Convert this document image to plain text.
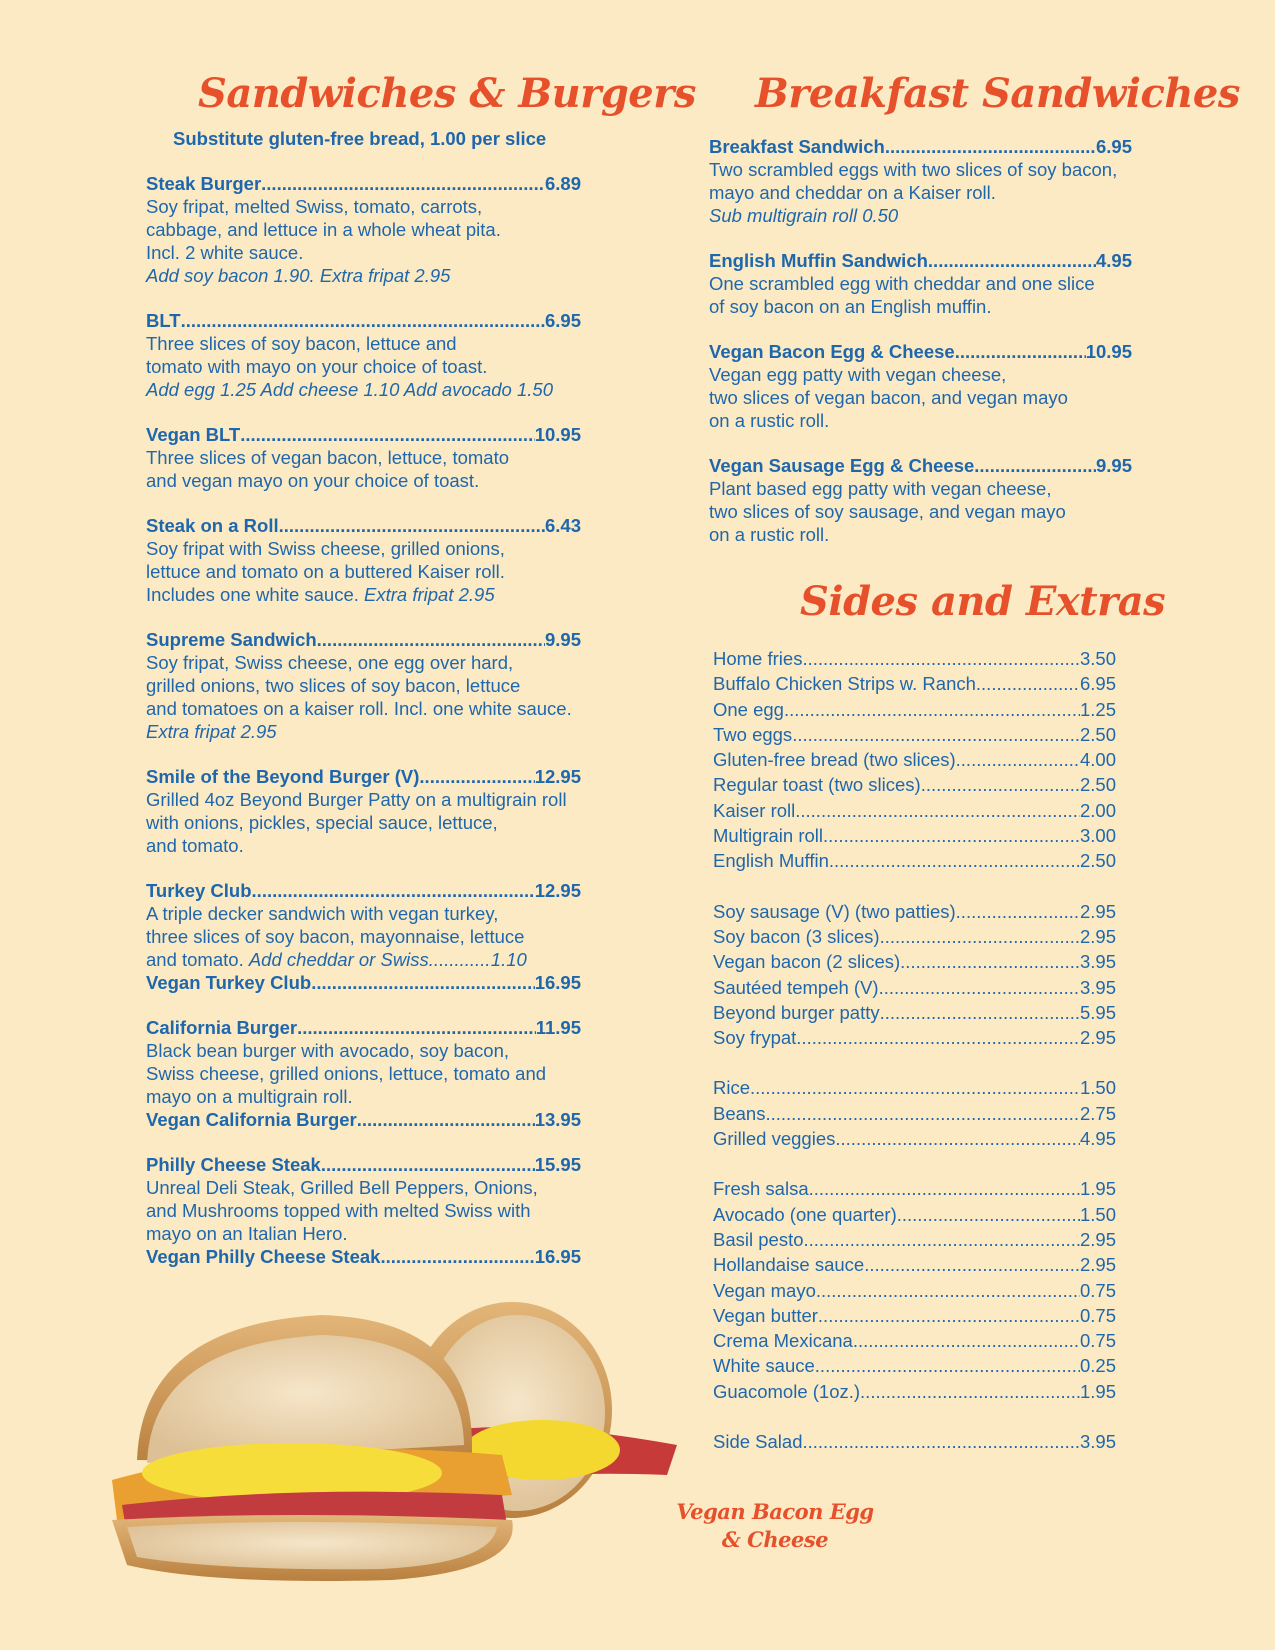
Sandwiches & Burgers Breakfast Sandwiches
Sides and Extras
Substitute gluten-free bread, 1.00 per slice
Steak Burger .....	6.89
Soy fripat, melted Swiss, tomato, carrots,
cabbage, and lettuce in a whole wheat pita.
Incl. 2 white sauce.
Add soy bacon 1.90. Extra fripat 2.95
BLT .....	6.95
Three slices of soy bacon, lettuce and
tomato with mayo on your choice of toast.
Add egg 1.25 Add cheese 1.10 Add avocado 1.50
Vegan BLT .....	10.95
Three slices of vegan bacon, lettuce, tomato
and vegan mayo on your choice of toast.
Steak on a Roll .....	6.43
Soy fripat with Swiss cheese, grilled onions,
lettuce and tomato on a buttered Kaiser roll.
Includes one white sauce. Extra fripat 2.95
Supreme Sandwich .....	9.95
Soy fripat, Swiss cheese, one egg over hard,
grilled onions, two slices of soy bacon, lettuce
and tomatoes on a kaiser roll. Incl. one white sauce.
Extra fripat 2.95
Smile of the Beyond Burger (V) .....	12.95
Grilled 4oz Beyond Burger Patty on a multigrain roll
with onions, pickles, special sauce, lettuce,
and tomato.
Turkey Club .....	12.95
A triple decker sandwich with vegan turkey,
three slices of soy bacon, mayonnaise, lettuce
and tomato.
Add cheddar or Swiss .....	1.10
Vegan Turkey Club .....	16.95
California Burger .....	11.95
Black bean burger with avocado, soy bacon,
Swiss cheese, grilled onions, lettuce, tomato and
mayo on a multigrain roll.
Vegan California Burger .....	13.95
Philly Cheese Steak .....	15.95
Unreal Deli Steak, Grilled Bell Peppers, Onions,
and Mushrooms topped with melted Swiss with
mayo on an Italian Hero.
Vegan Philly Cheese Steak .....	16.95
Breakfast Sandwich .....	6.95
Two scrambled eggs with two slices of soy bacon,
mayo and cheddar on a Kaiser roll.
Sub multigrain roll 0.50
English Muffin Sandwich .....	4.95
One scrambled egg with cheddar and one slice
of soy bacon on an English muffin.
Vegan Bacon Egg & Cheese .....	10.95
Vegan egg patty with vegan cheese,
two slices of vegan bacon, and vegan mayo
on a rustic roll.
Vegan Sausage Egg & Cheese .....	9.95
Plant based egg patty with vegan cheese,
two slices of soy sausage, and vegan mayo
on a rustic roll.
Home fries .....	3.50
Buffalo Chicken Strips w. Ranch .....	6.95
One egg .....	1.25
Two eggs .....	2.50
Gluten-free bread (two slices) .....	4.00
Regular toast (two slices) .....	2.50
Kaiser roll .....	2.00
Multigrain roll .....	3.00
English Muffin .....	2.50
Soy sausage (V) (two patties) .....	2.95
Soy bacon (3 slices) .....	2.95
Vegan bacon (2 slices) .....	3.95
Sautéed tempeh (V) .....	3.95
Beyond burger patty .....	5.95
Soy frypat .....	2.95
Rice .....	1.50
Beans .....	2.75
Grilled veggies .....	4.95
Fresh salsa .....	1.95
Avocado (one quarter) .....	1.50
Basil pesto .....	2.95
Hollandaise sauce .....	2.95
Vegan mayo .....	0.75
Vegan butter .....	0.75
Crema Mexicana .....	0.75
White sauce .....	0.25
Guacomole (1oz.) .....	1.95
Side Salad .....	3.95
Vegan Bacon Egg
& Cheese
